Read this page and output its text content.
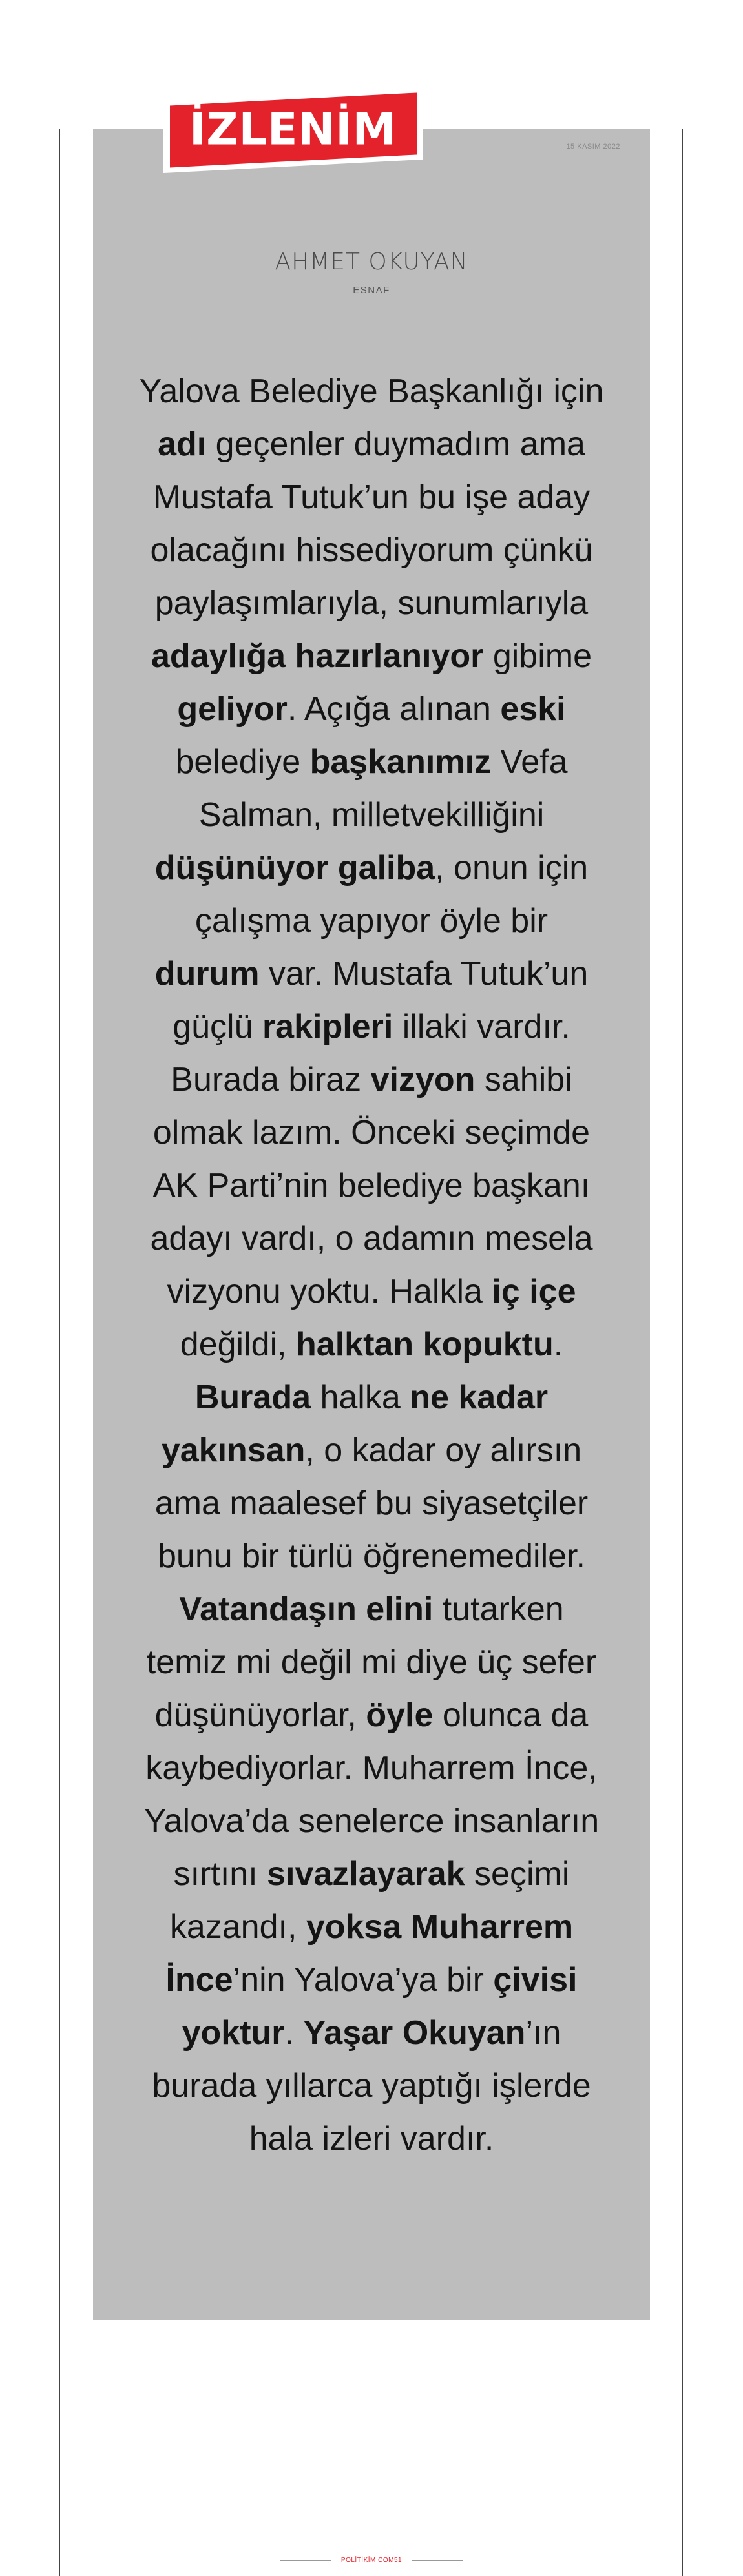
İZLENİM	15 KASIM 2022
AHMET OKUYAN
ESNAF
Yalova Belediye Başkanlığı için adı geçenler duymadım ama Mustafa Tutuk’un bu işe aday olacağını hissediyorum çünkü paylaşımlarıyla, sunumlarıyla adaylığa hazırlanıyor gibime geliyor. Açığa alınan eski belediye başkanımız Vefa Salman, milletvekilliğini düşünüyor galiba, onun için çalışma yapıyor öyle bir durum var. Mustafa Tutuk’un güçlü rakipleri illaki vardır. Burada biraz vizyon sahibi olmak lazım. Önceki seçimde AK Parti’nin belediye başkanı adayı vardı, o adamın mesela vizyonu yoktu. Halkla iç içe değildi, halktan kopuktu. Burada halka ne kadar yakınsan, o kadar oy alırsın ama maalesef bu siyasetçiler bunu bir türlü öğrenemediler. Vatandaşın elini tutarken temiz mi değil mi diye üç sefer düşünüyorlar, öyle olunca da kaybediyorlar. Muharrem İnce, Yalova’da senelerce insanların sırtını sıvazlayarak seçimi kazandı, yoksa Muharrem İnce’nin Yalova’ya bir çivisi yoktur. Yaşar Okuyan’ın burada yıllarca yaptığı işlerde hala izleri vardır.
POLİTİKİM COM51
